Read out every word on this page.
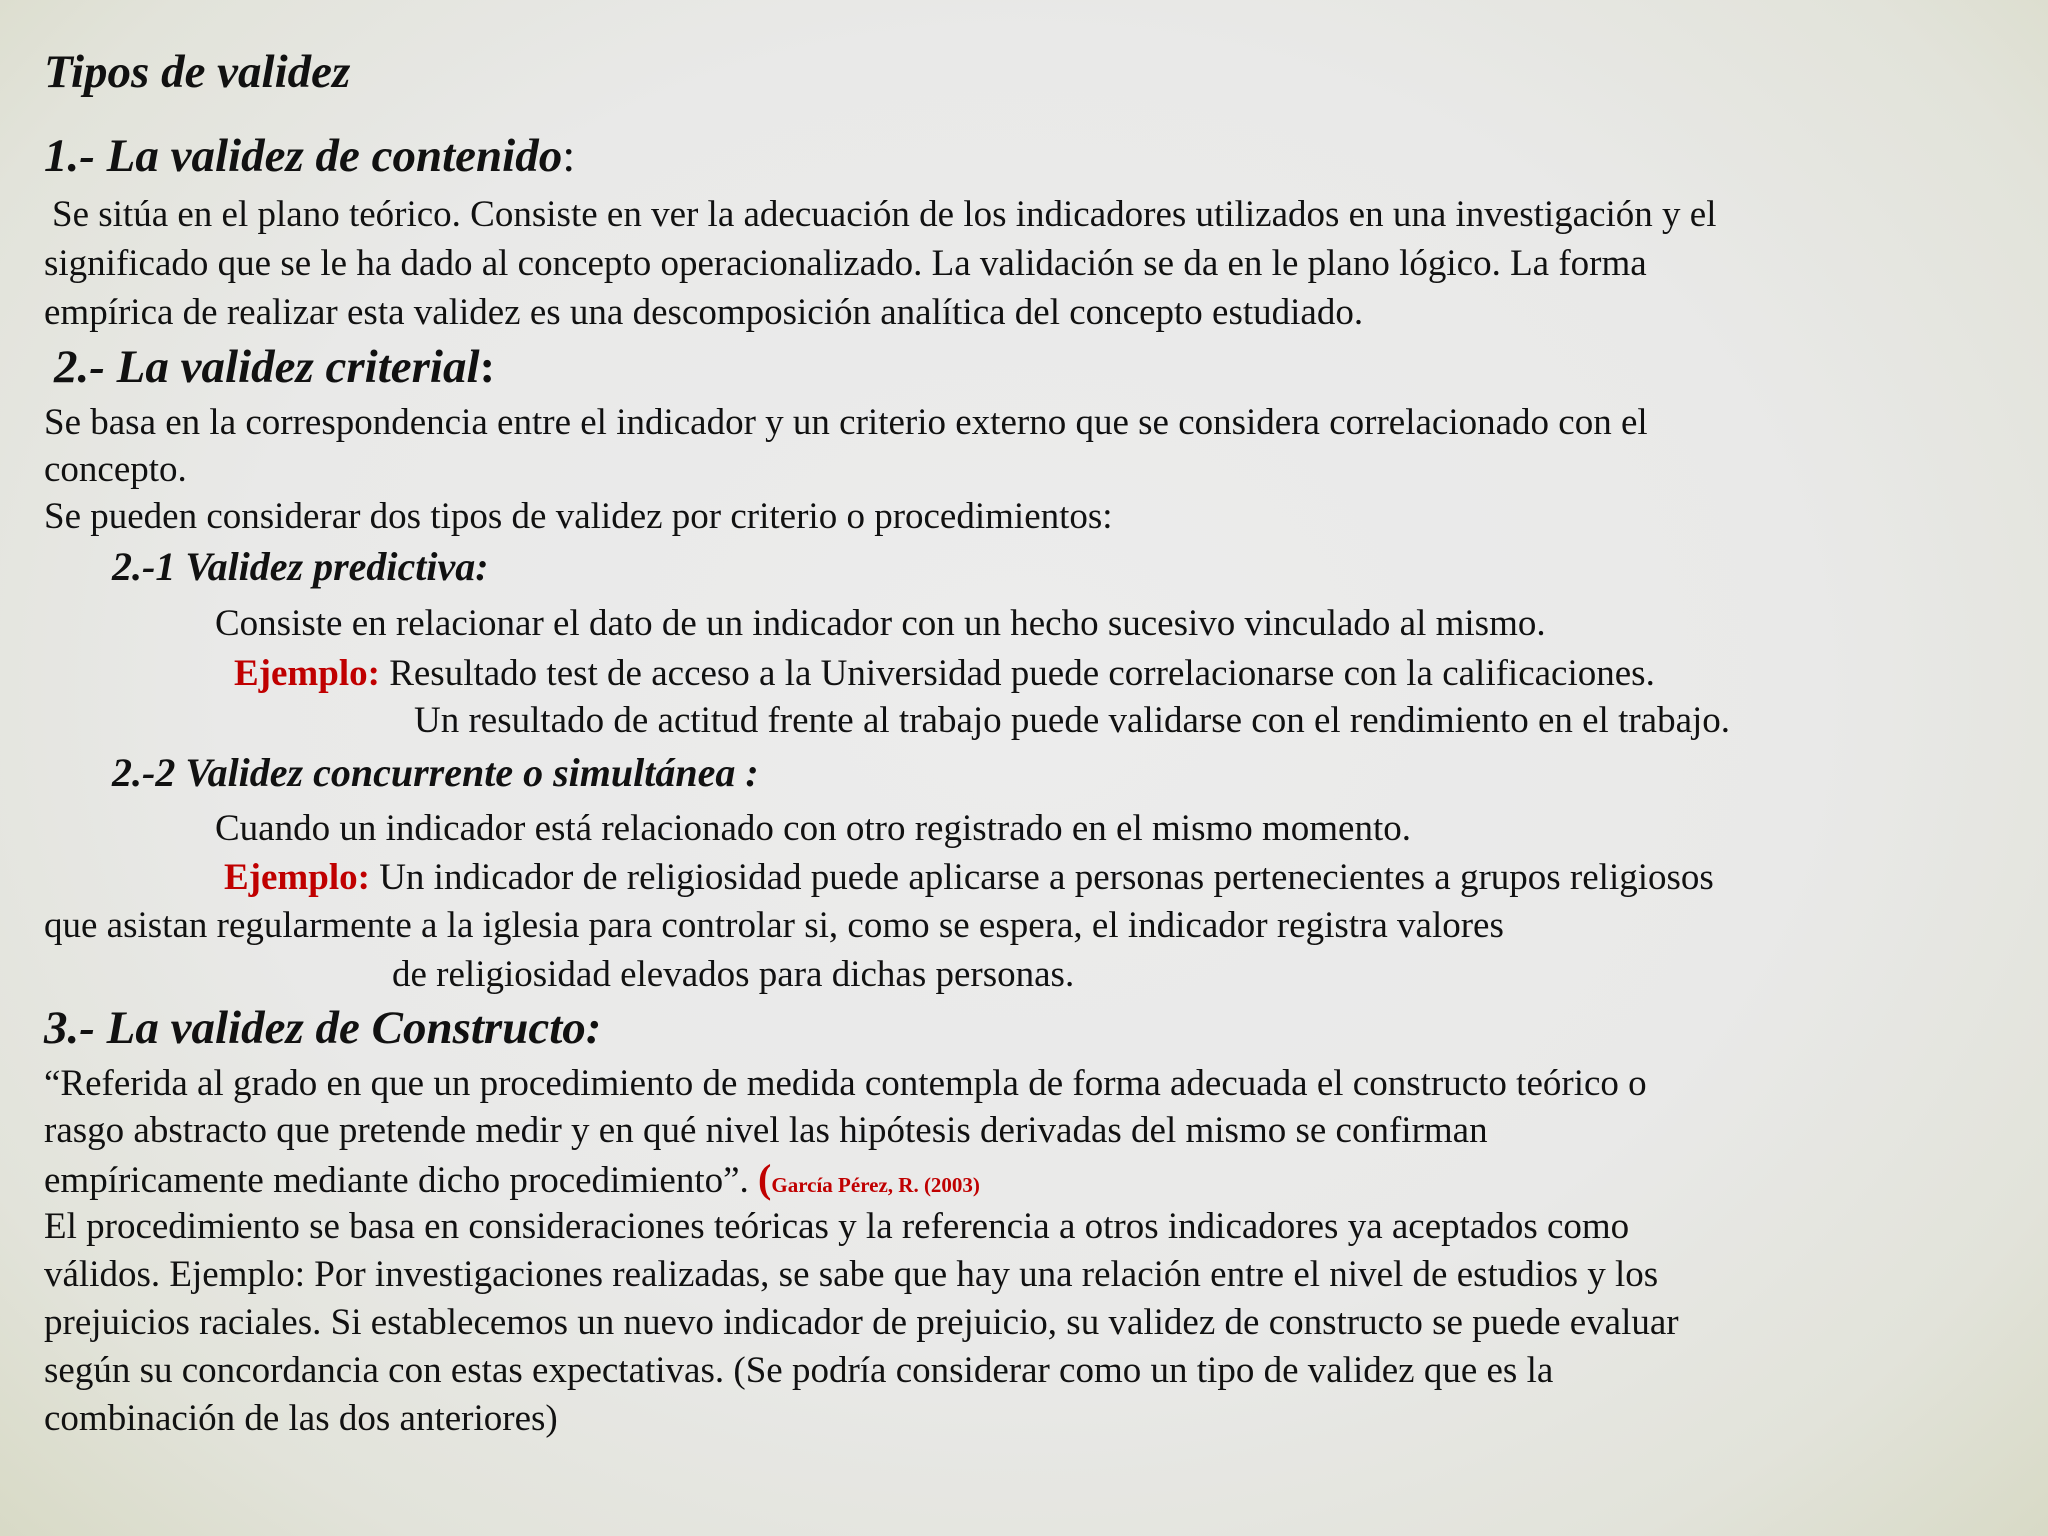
Tipos de validez
1.- La validez de contenido:
Se sitúa en el plano teórico. Consiste en ver la adecuación de los indicadores utilizados en una investigación y el
significado que se le ha dado al concepto operacionalizado. La validación se da en le plano lógico. La forma
empírica de realizar esta validez es una descomposición analítica del concepto estudiado.
2.- La validez criterial:
Se basa en la correspondencia entre el indicador y un criterio externo que se considera correlacionado con el
concepto.
Se pueden considerar dos tipos de validez por criterio o procedimientos:
2.-1 Validez predictiva:
Consiste en relacionar el dato de un indicador con un hecho sucesivo vinculado al mismo.
Ejemplo: Resultado test de acceso a la Universidad puede correlacionarse con la calificaciones.
Un resultado de actitud frente al trabajo puede validarse con el rendimiento en el trabajo.
2.-2 Validez concurrente o simultánea :
Cuando un indicador está relacionado con otro registrado en el mismo momento.
Ejemplo: Un indicador de religiosidad puede aplicarse a personas pertenecientes a grupos religiosos
que asistan regularmente a la iglesia para controlar si, como se espera, el indicador registra valores
de religiosidad elevados para dichas personas.
3.- La validez de Constructo:
“Referida al grado en que un procedimiento de medida contempla de forma adecuada el constructo teórico o
rasgo abstracto que pretende medir y en qué nivel las hipótesis derivadas del mismo se confirman
empíricamente mediante dicho procedimiento”. (García Pérez, R. (2003)
El procedimiento se basa en consideraciones teóricas y la referencia a otros indicadores ya aceptados como
válidos. Ejemplo: Por investigaciones realizadas, se sabe que hay una relación entre el nivel de estudios y los
prejuicios raciales. Si establecemos un nuevo indicador de prejuicio, su validez de constructo se puede evaluar
según su concordancia con estas expectativas. (Se podría considerar como un tipo de validez que es la
combinación de las dos anteriores)
